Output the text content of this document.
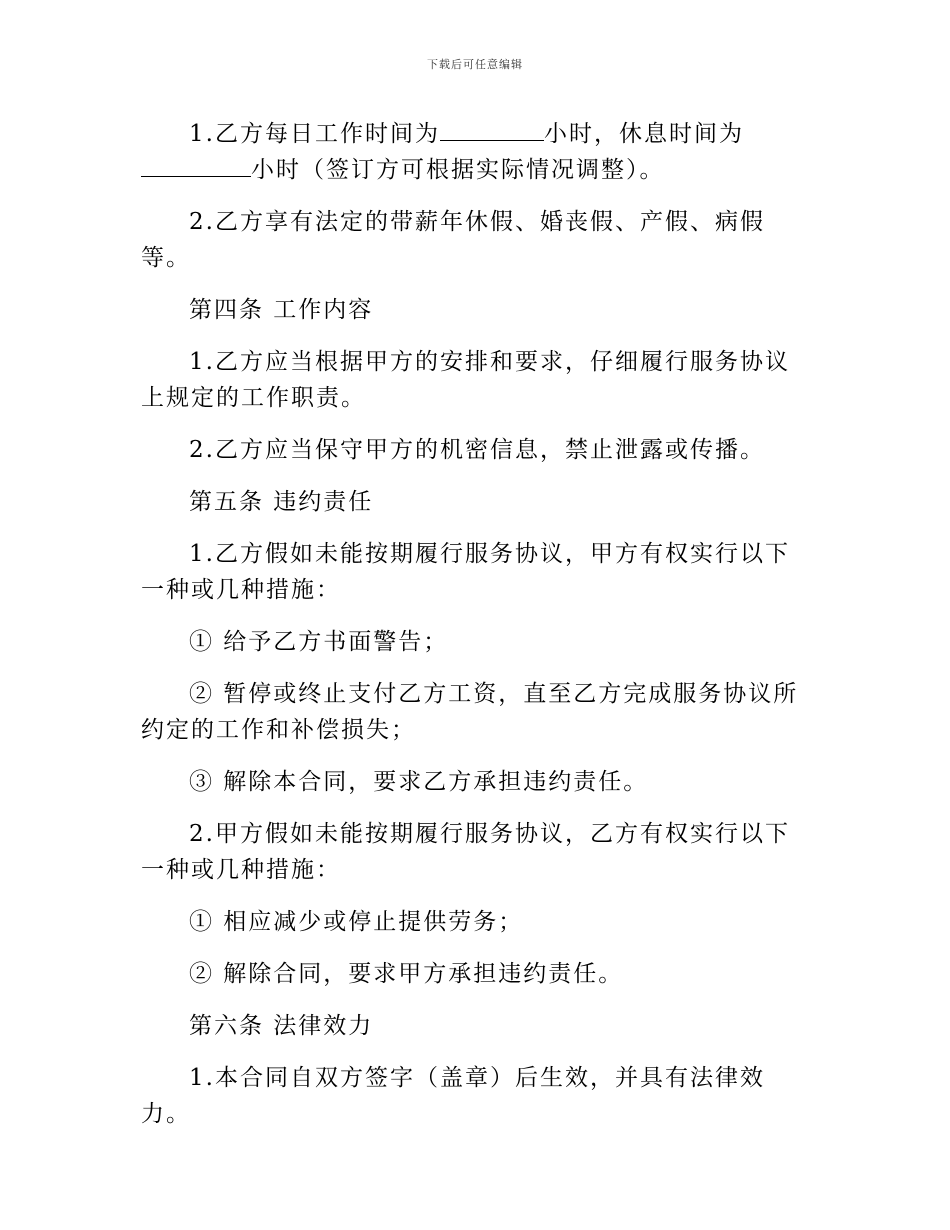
下载后可任意编辑

1.乙方每日工作时间为	小时，休息时间为小时（签订方可根据实际情况调整）。

2.乙方享有法定的带薪年休假、婚丧假、产假、病假等。

第四条 工作内容

1.乙方应当根据甲方的安排和要求，仔细履行服务协议上规定的工作职责。

2.乙方应当保守甲方的机密信息，禁止泄露或传播。

第五条 违约责任

1.乙方假如未能按期履行服务协议，甲方有权实行以下一种或几种措施：

① 给予乙方书面警告；

② 暂停或终止支付乙方工资，直至乙方完成服务协议所约定的工作和补偿损失；

③ 解除本合同，要求乙方承担违约责任。

2.甲方假如未能按期履行服务协议，乙方有权实行以下一种或几种措施：

① 相应减少或停止提供劳务；

② 解除合同，要求甲方承担违约责任。

第六条 法律效力

1.本合同自双方签字（盖章）后生效，并具有法律效力。
